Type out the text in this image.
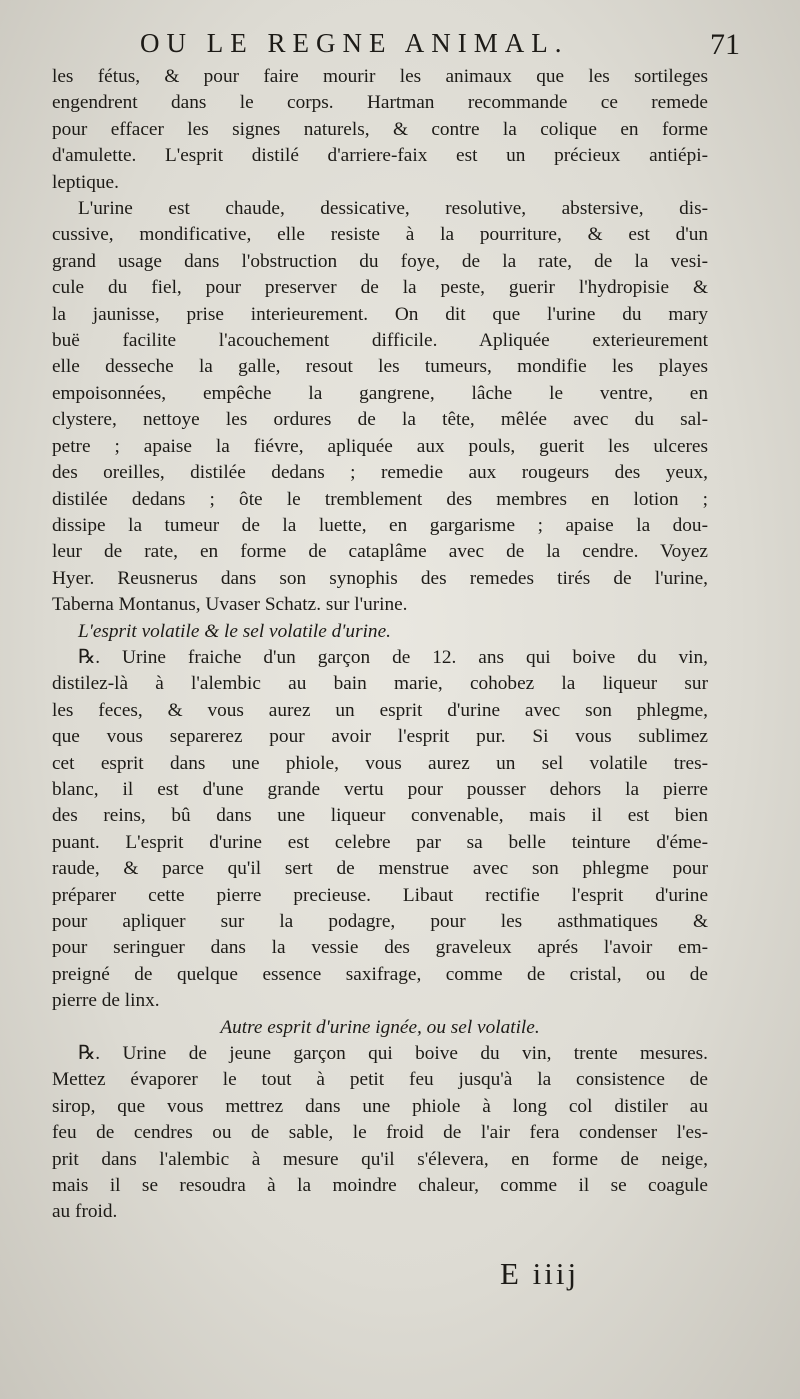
OU LE REGNE ANIMAL.	71
les fétus, & pour faire mourir les animaux que les sortileges
engendrent dans le corps. Hartman recommande ce remede
pour effacer les signes naturels, & contre la colique en forme
d'amulette. L'esprit distilé d'arriere-faix est un précieux antiépi-
leptique.
L'urine est chaude, dessicative, resolutive, abstersive, dis-
cussive, mondificative, elle resiste à la pourriture, & est d'un
grand usage dans l'obstruction du foye, de la rate, de la vesi-
cule du fiel, pour preserver de la peste, guerir l'hydropisie &
la jaunisse, prise interieurement. On dit que l'urine du mary
buë facilite l'acouchement difficile. Apliquée exterieurement
elle desseche la galle, resout les tumeurs, mondifie les playes
empoisonnées, empêche la gangrene, lâche le ventre, en
clystere, nettoye les ordures de la tête, mêlée avec du sal-
petre ; apaise la fiévre, apliquée aux pouls, guerit les ulceres
des oreilles, distilée dedans ; remedie aux rougeurs des yeux,
distilée dedans ; ôte le tremblement des membres en lotion ;
dissipe la tumeur de la luette, en gargarisme ; apaise la dou-
leur de rate, en forme de cataplâme avec de la cendre. Voyez
Hyer. Reusnerus dans son synophis des remedes tirés de l'urine,
Taberna Montanus, Uvaser Schatz. sur l'urine.
L'esprit volatile & le sel volatile d'urine.
℞. Urine fraiche d'un garçon de 12. ans qui boive du vin,
distilez-là à l'alembic au bain marie, cohobez la liqueur sur
les feces, & vous aurez un esprit d'urine avec son phlegme,
que vous separerez pour avoir l'esprit pur. Si vous sublimez
cet esprit dans une phiole, vous aurez un sel volatile tres-
blanc, il est d'une grande vertu pour pousser dehors la pierre
des reins, bû dans une liqueur convenable, mais il est bien
puant. L'esprit d'urine est celebre par sa belle teinture d'éme-
raude, & parce qu'il sert de menstrue avec son phlegme pour
préparer cette pierre precieuse. Libaut rectifie l'esprit d'urine
pour apliquer sur la podagre, pour les asthmatiques &
pour seringuer dans la vessie des graveleux aprés l'avoir em-
preigné de quelque essence saxifrage, comme de cristal, ou de
pierre de linx.
Autre esprit d'urine ignée, ou sel volatile.
℞. Urine de jeune garçon qui boive du vin, trente mesures.
Mettez évaporer le tout à petit feu jusqu'à la consistence de
sirop, que vous mettrez dans une phiole à long col distiler au
feu de cendres ou de sable, le froid de l'air fera condenser l'es-
prit dans l'alembic à mesure qu'il s'élevera, en forme de neige,
mais il se resoudra à la moindre chaleur, comme il se coagule
au froid.
E iiij
